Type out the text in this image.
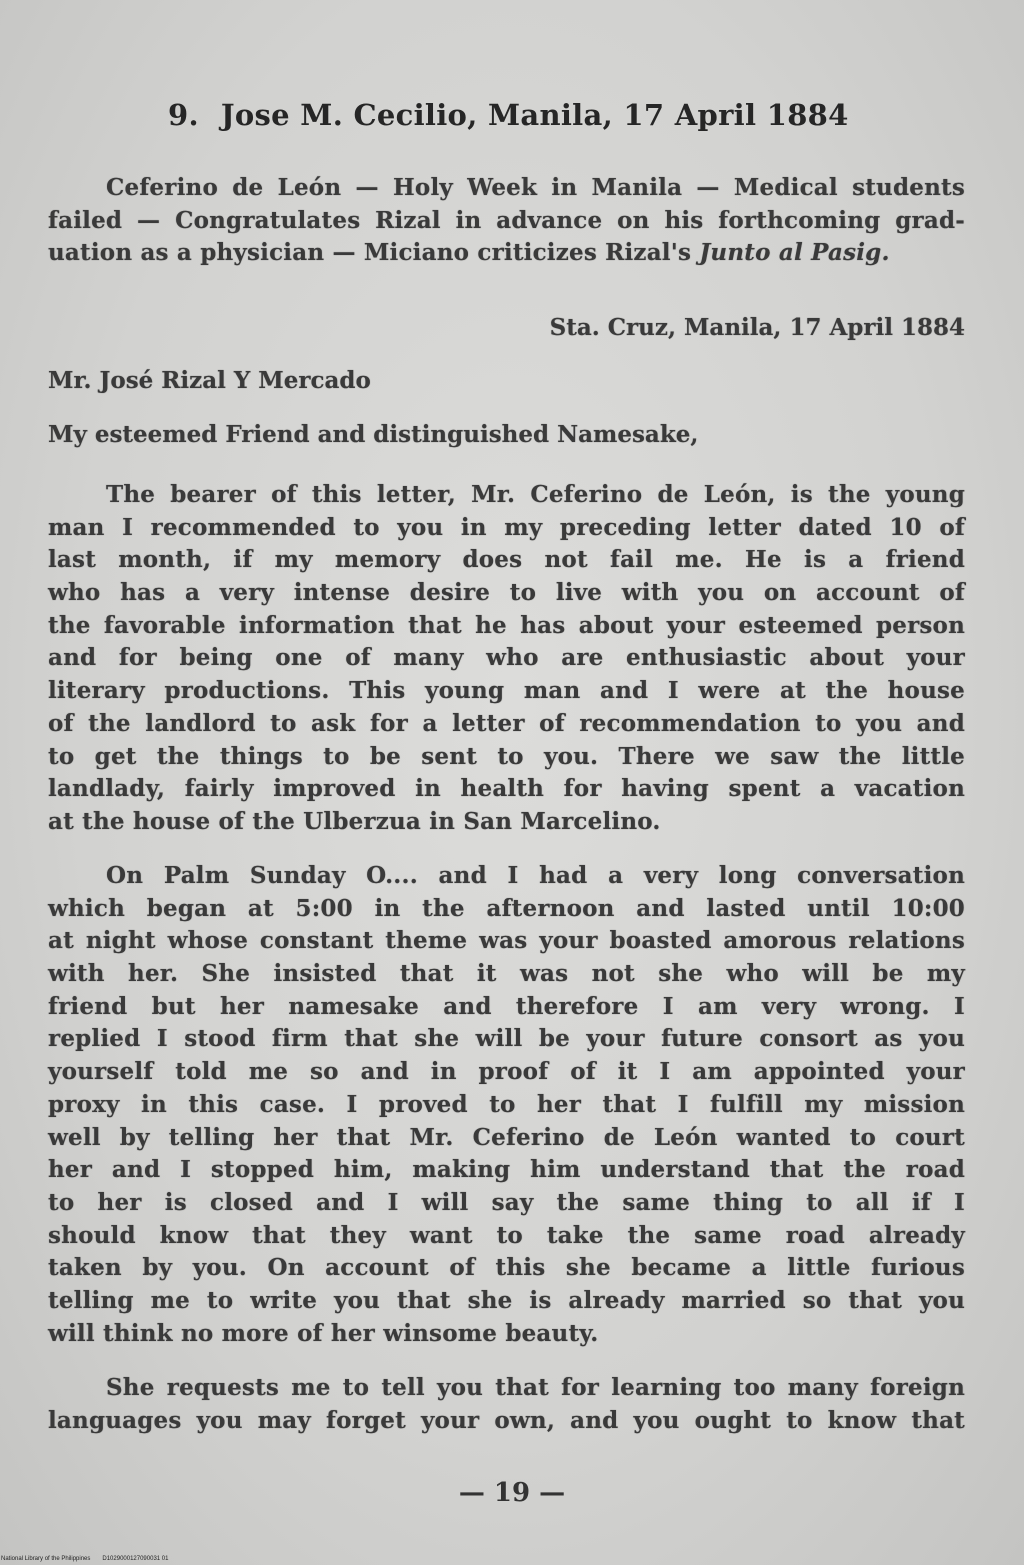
9. Jose M. Cecilio, Manila, 17 April 1884
Ceferino de León — Holy Week in Manila — Medical students
failed — Congratulates Rizal in advance on his forthcoming grad-
uation as a physician — Miciano criticizes Rizal's Junto al Pasig.
Sta. Cruz, Manila, 17 April 1884
Mr. José Rizal Y Mercado
My esteemed Friend and distinguished Namesake,
The bearer of this letter, Mr. Ceferino de León, is the young
man I recommended to you in my preceding letter dated 10 of
last month, if my memory does not fail me. He is a friend
who has a very intense desire to live with you on account of
the favorable information that he has about your esteemed person
and for being one of many who are enthusiastic about your
literary productions. This young man and I were at the house
of the landlord to ask for a letter of recommendation to you and
to get the things to be sent to you. There we saw the little
landlady, fairly improved in health for having spent a vacation
at the house of the Ulberzua in San Marcelino.
On Palm Sunday O.... and I had a very long conversation
which began at 5:00 in the afternoon and lasted until 10:00
at night whose constant theme was your boasted amorous relations
with her. She insisted that it was not she who will be my
friend but her namesake and therefore I am very wrong. I
replied I stood firm that she will be your future consort as you
yourself told me so and in proof of it I am appointed your
proxy in this case. I proved to her that I fulfill my mission
well by telling her that Mr. Ceferino de León wanted to court
her and I stopped him, making him understand that the road
to her is closed and I will say the same thing to all if I
should know that they want to take the same road already
taken by you. On account of this she became a little furious
telling me to write you that she is already married so that you
will think no more of her winsome beauty.
She requests me to tell you that for learning too many foreign
languages you may forget your own, and you ought to know that
— 19 —
National Library of the Philippines D1029000127090031 01
